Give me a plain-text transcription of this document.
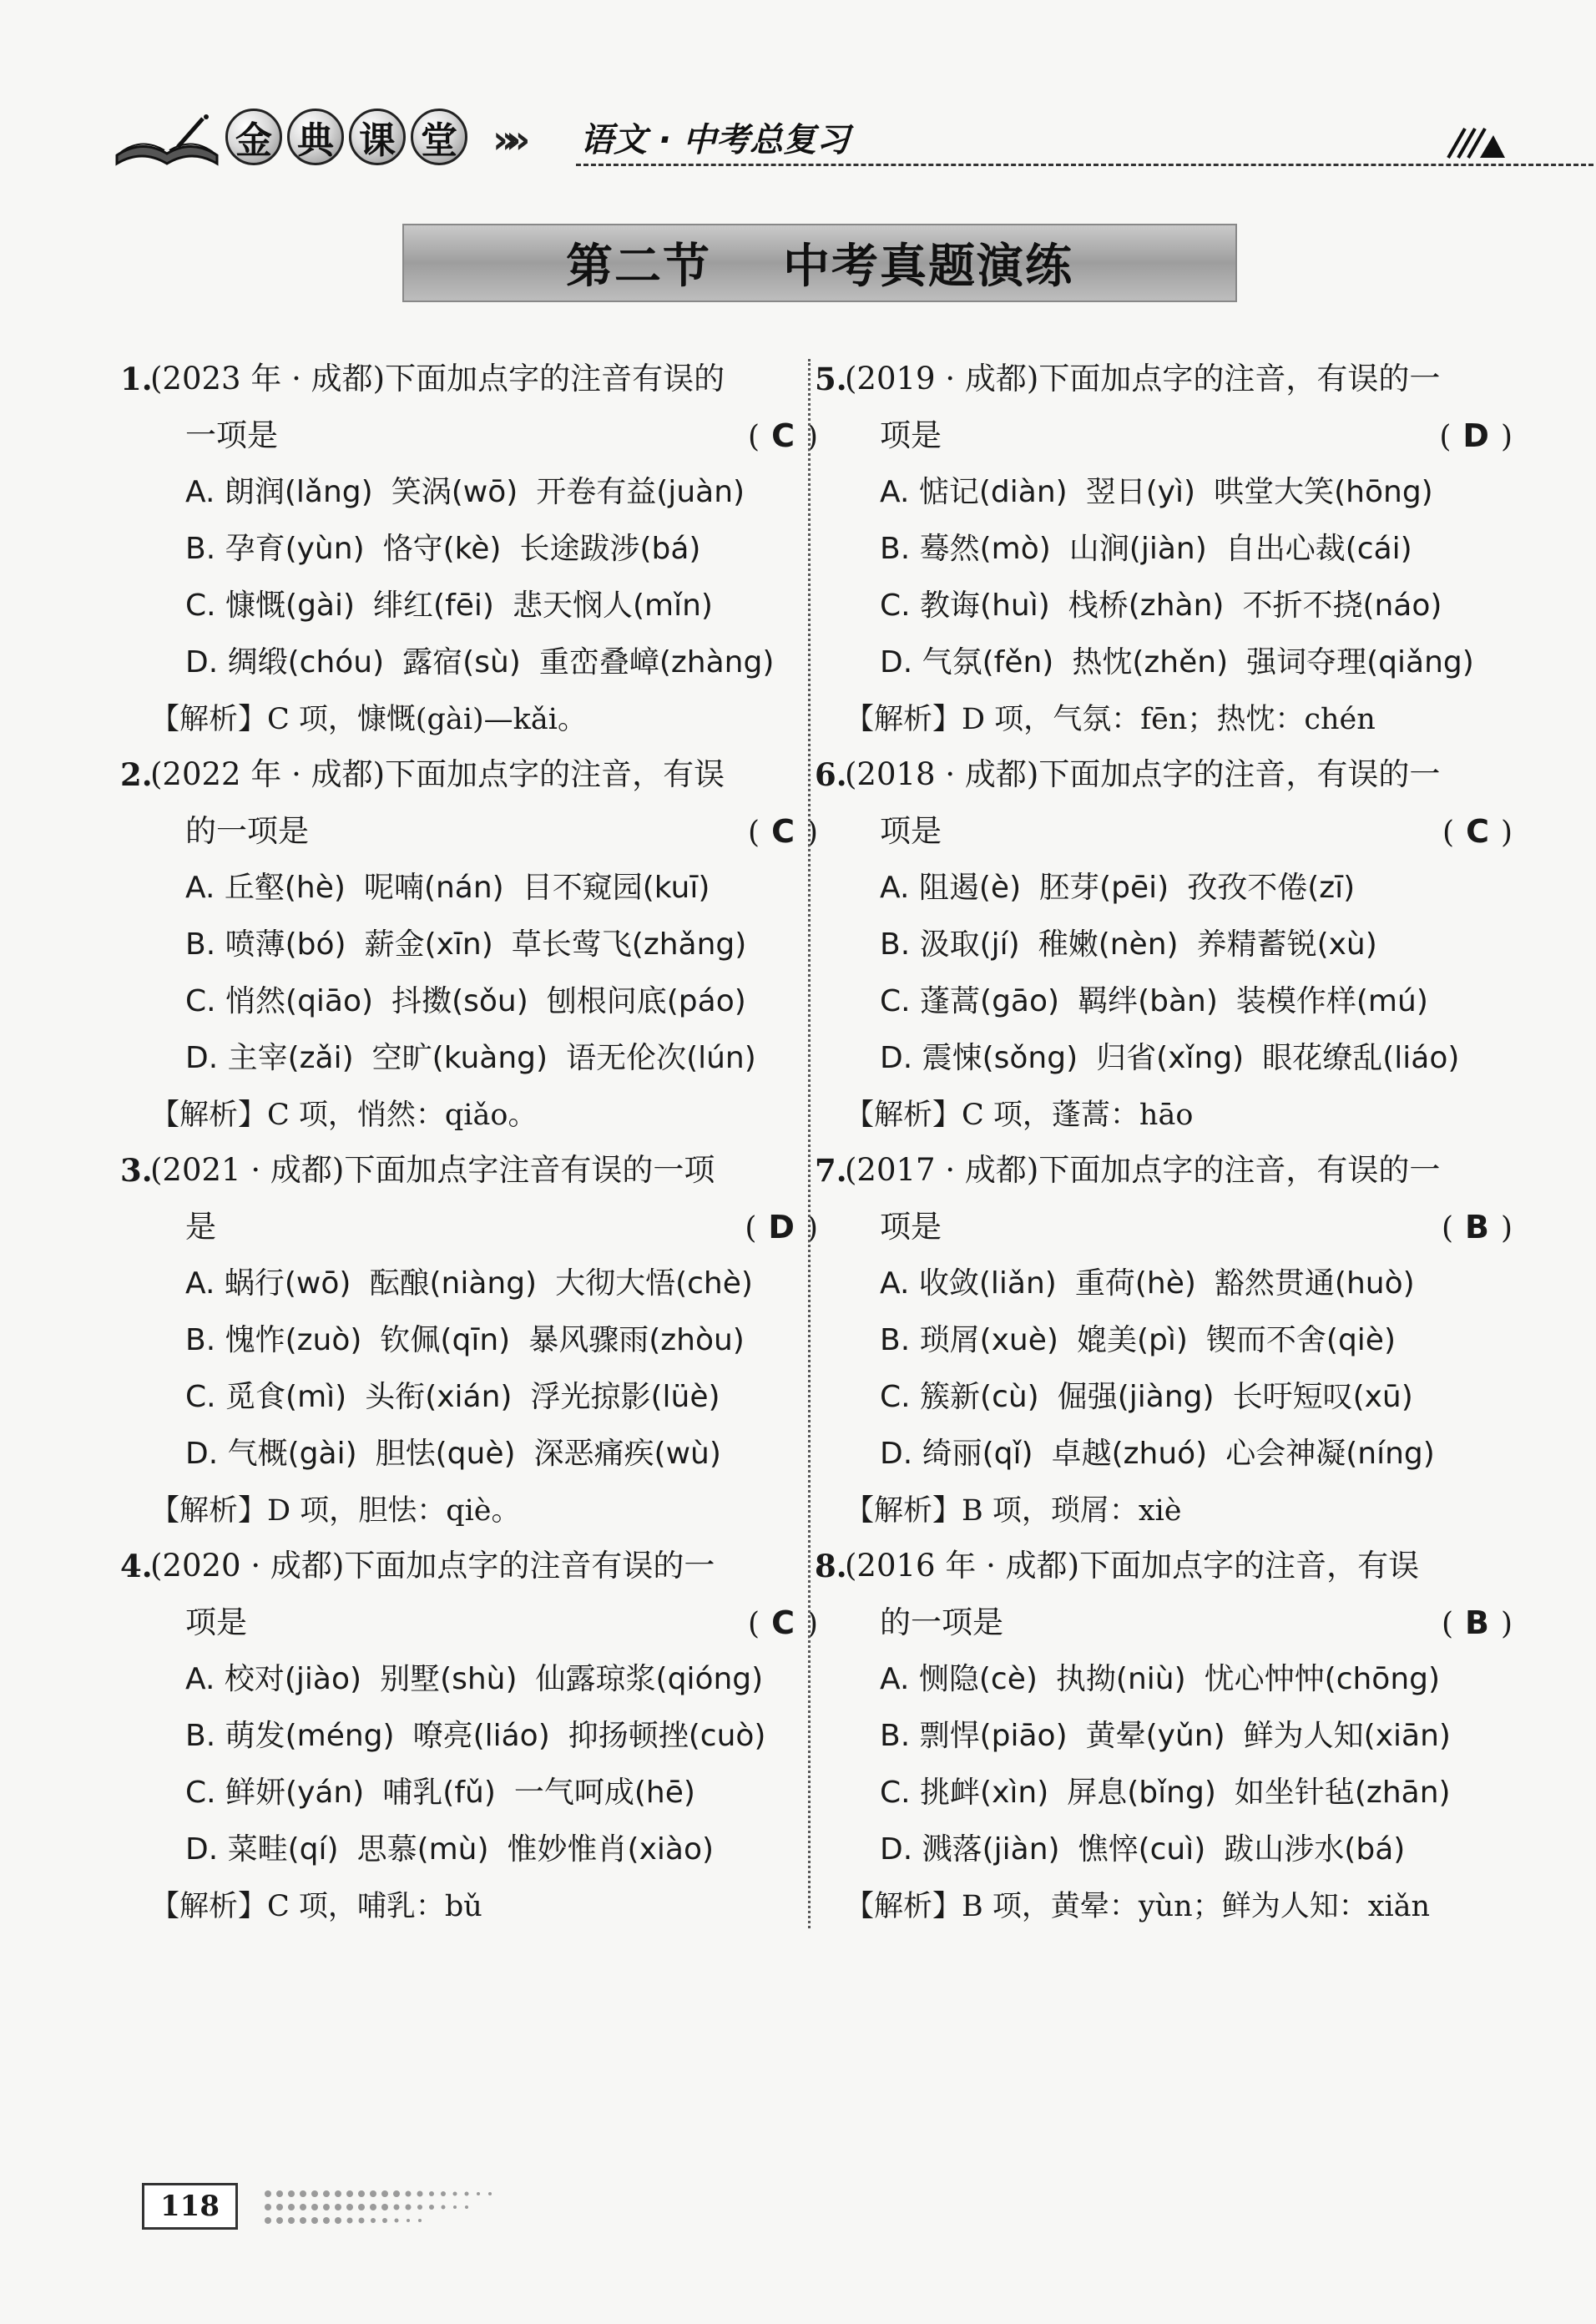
金 典 课 堂 »» 语文 · 中考总复习
第二节    中考真题演练
1.
(2023 年 · 成都)下面加点字的注音有误的
一项是	( C )
A. 朗润(lǎng) 笑涡(wō) 开卷有益(juàn)
B. 孕育(yùn) 恪守(kè) 长途跋涉(bá)
C. 慷慨(gài) 绯红(fēi) 悲天悯人(mǐn)
D. 绸缎(chóu) 露宿(sù) 重峦叠嶂(zhàng)
【解析】C 项，慷慨(gài)—kǎi。
2.
(2022 年 · 成都)下面加点字的注音，有误
的一项是	( C )
A. 丘壑(hè) 呢喃(nán) 目不窥园(kuī)
B. 喷薄(bó) 薪金(xīn) 草长莺飞(zhǎng)
C. 悄然(qiāo) 抖擞(sǒu) 刨根问底(páo)
D. 主宰(zǎi) 空旷(kuàng) 语无伦次(lún)
【解析】C 项，悄然：qiǎo。
3.
(2021 · 成都)下面加点字注音有误的一项
是	( D )
A. 蜗行(wō) 酝酿(niàng) 大彻大悟(chè)
B. 愧怍(zuò) 钦佩(qīn) 暴风骤雨(zhòu)
C. 觅食(mì) 头衔(xián) 浮光掠影(lüè)
D. 气概(gài) 胆怯(què) 深恶痛疾(wù)
【解析】D 项，胆怯：qiè。
4.
(2020 · 成都)下面加点字的注音有误的一
项是	( C )
A. 校对(jiào) 别墅(shù) 仙露琼浆(qióng)
B. 萌发(méng) 嘹亮(liáo) 抑扬顿挫(cuò)
C. 鲜妍(yán) 哺乳(fǔ) 一气呵成(hē)
D. 菜畦(qí) 思慕(mù) 惟妙惟肖(xiào)
【解析】C 项，哺乳：bǔ
5.
(2019 · 成都)下面加点字的注音，有误的一
项是	( D )
A. 惦记(diàn) 翌日(yì) 哄堂大笑(hōng)
B. 蓦然(mò) 山涧(jiàn) 自出心裁(cái)
C. 教诲(huì) 栈桥(zhàn) 不折不挠(náo)
D. 气氛(fěn) 热忱(zhěn) 强词夺理(qiǎng)
【解析】D 项，气氛：fēn；热忱：chén
6.
(2018 · 成都)下面加点字的注音，有误的一
项是	( C )
A. 阻遏(è) 胚芽(pēi) 孜孜不倦(zī)
B. 汲取(jí) 稚嫩(nèn) 养精蓄锐(xù)
C. 蓬蒿(gāo) 羁绊(bàn) 装模作样(mú)
D. 震悚(sǒng) 归省(xǐng) 眼花缭乱(liáo)
【解析】C 项，蓬蒿：hāo
7.
(2017 · 成都)下面加点字的注音，有误的一
项是	( B )
A. 收敛(liǎn) 重荷(hè) 豁然贯通(huò)
B. 琐屑(xuè) 媲美(pì) 锲而不舍(qiè)
C. 簇新(cù) 倔强(jiàng) 长吁短叹(xū)
D. 绮丽(qǐ) 卓越(zhuó) 心会神凝(níng)
【解析】B 项，琐屑：xiè
8.
(2016 年 · 成都)下面加点字的注音，有误
的一项是	( B )
A. 恻隐(cè) 执拗(niù) 忧心忡忡(chōng)
B. 剽悍(piāo) 黄晕(yǔn) 鲜为人知(xiān)
C. 挑衅(xìn) 屏息(bǐng) 如坐针毡(zhān)
D. 溅落(jiàn) 憔悴(cuì) 跋山涉水(bá)
【解析】B 项，黄晕：yùn；鲜为人知：xiǎn
118
